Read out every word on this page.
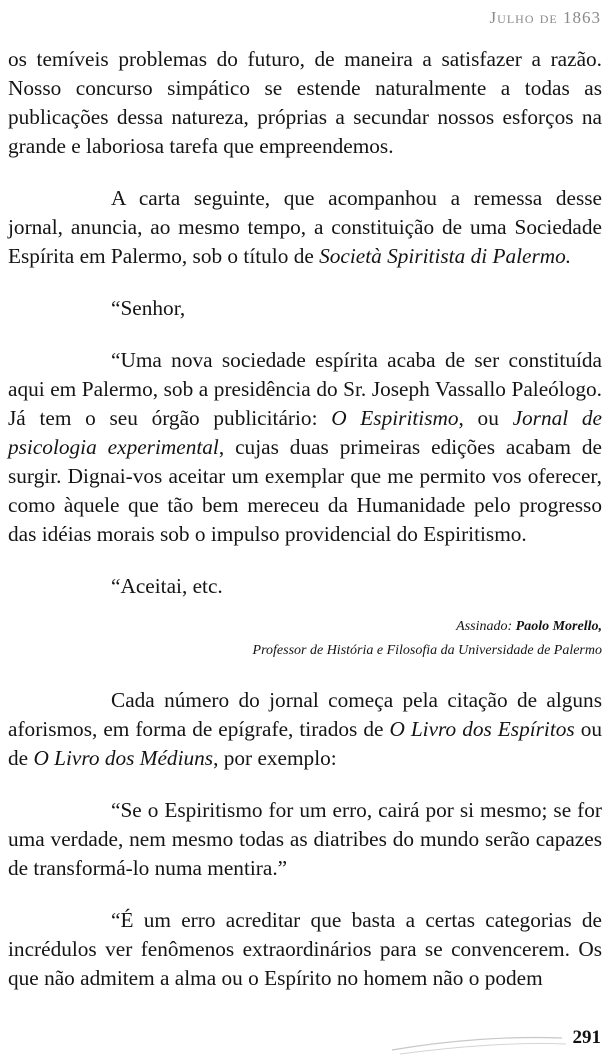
Julho de 1863

os temíveis problemas do futuro, de maneira a satisfazer a razão. Nosso concurso simpático se estende naturalmente a todas as publicações dessa natureza, próprias a secundar nossos esforços na grande e laboriosa tarefa que empreendemos.

A carta seguinte, que acompanhou a remessa desse jornal, anuncia, ao mesmo tempo, a constituição de uma Sociedade Espírita em Palermo, sob o título de Società Spiritista di Palermo.

“Senhor,

“Uma nova sociedade espírita acaba de ser constituída aqui em Palermo, sob a presidência do Sr. Joseph Vassallo Paleólogo. Já tem o seu órgão publicitário: O Espiritismo, ou Jornal de psicologia experimental, cujas duas primeiras edições acabam de surgir. Dignai-vos aceitar um exemplar que me permito vos oferecer, como àquele que tão bem mereceu da Humanidade pelo progresso das idéias morais sob o impulso providencial do Espiritismo.

“Aceitai, etc.

Assinado: Paolo Morello,
Professor de História e Filosofia da Universidade de Palermo

Cada número do jornal começa pela citação de alguns aforismos, em forma de epígrafe, tirados de O Livro dos Espíritos ou de O Livro dos Médiuns, por exemplo:

“Se o Espiritismo for um erro, cairá por si mesmo; se for uma verdade, nem mesmo todas as diatribes do mundo serão capazes de transformá-lo numa mentira.”

“É um erro acreditar que basta a certas categorias de incrédulos ver fenômenos extraordinários para se convencerem. Os que não admitem a alma ou o Espírito no homem não o podem

291
